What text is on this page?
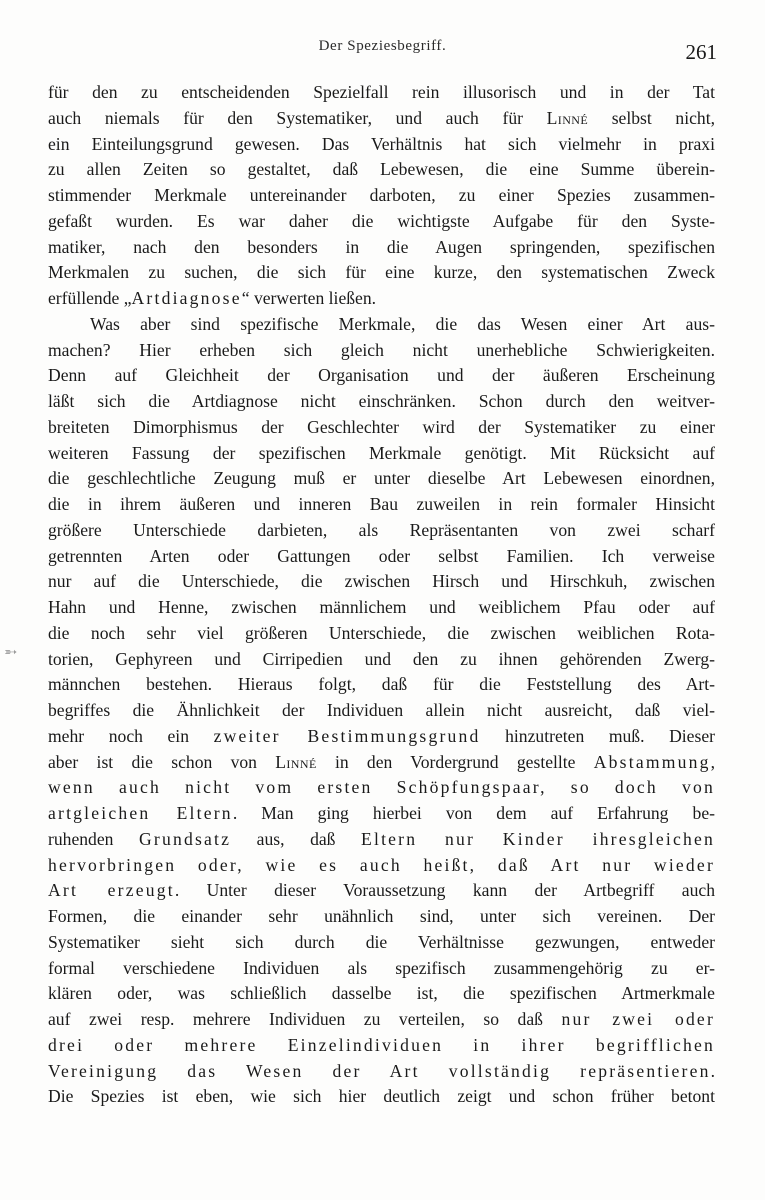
Der Speziesbegriff.	261
➵
für den zu entscheidenden Spezielfall rein illusorisch und in der Tat
auch niemals für den Systematiker, und auch für Linné selbst nicht,
ein Einteilungsgrund gewesen. Das Verhältnis hat sich vielmehr in praxi
zu allen Zeiten so gestaltet, daß Lebewesen, die eine Summe überein-
stimmender Merkmale untereinander darboten, zu einer Spezies zusammen-
gefaßt wurden. Es war daher die wichtigste Aufgabe für den Syste-
matiker, nach den besonders in die Augen springenden, spezifischen
Merkmalen zu suchen, die sich für eine kurze, den systematischen Zweck
erfüllende „Artdiagnose“ verwerten ließen.
Was aber sind spezifische Merkmale, die das Wesen einer Art aus-
machen? Hier erheben sich gleich nicht unerhebliche Schwierigkeiten.
Denn auf Gleichheit der Organisation und der äußeren Erscheinung
läßt sich die Artdiagnose nicht einschränken. Schon durch den weitver-
breiteten Dimorphismus der Geschlechter wird der Systematiker zu einer
weiteren Fassung der spezifischen Merkmale genötigt. Mit Rücksicht auf
die geschlechtliche Zeugung muß er unter dieselbe Art Lebewesen einordnen,
die in ihrem äußeren und inneren Bau zuweilen in rein formaler Hinsicht
größere Unterschiede darbieten, als Repräsentanten von zwei scharf
getrennten Arten oder Gattungen oder selbst Familien. Ich verweise
nur auf die Unterschiede, die zwischen Hirsch und Hirschkuh, zwischen
Hahn und Henne, zwischen männlichem und weiblichem Pfau oder auf
die noch sehr viel größeren Unterschiede, die zwischen weiblichen Rota-
torien, Gephyreen und Cirripedien und den zu ihnen gehörenden Zwerg-
männchen bestehen. Hieraus folgt, daß für die Feststellung des Art-
begriffes die Ähnlichkeit der Individuen allein nicht ausreicht, daß viel-
mehr noch ein zweiter Bestimmungsgrund hinzutreten muß. Dieser
aber ist die schon von Linné in den Vordergrund gestellte Abstammung,
wenn auch nicht vom ersten Schöpfungspaar, so doch von
artgleichen Eltern. Man ging hierbei von dem auf Erfahrung be-
ruhenden Grundsatz aus, daß Eltern nur Kinder ihresgleichen
hervorbringen oder, wie es auch heißt, daß Art nur wieder
Art erzeugt. Unter dieser Voraussetzung kann der Artbegriff auch
Formen, die einander sehr unähnlich sind, unter sich vereinen. Der
Systematiker sieht sich durch die Verhältnisse gezwungen, entweder
formal verschiedene Individuen als spezifisch zusammengehörig zu er-
klären oder, was schließlich dasselbe ist, die spezifischen Artmerkmale
auf zwei resp. mehrere Individuen zu verteilen, so daß nur zwei oder
drei oder mehrere Einzelindividuen in ihrer begrifflichen
Vereinigung das Wesen der Art vollständig repräsentieren.
Die Spezies ist eben, wie sich hier deutlich zeigt und schon früher betont
